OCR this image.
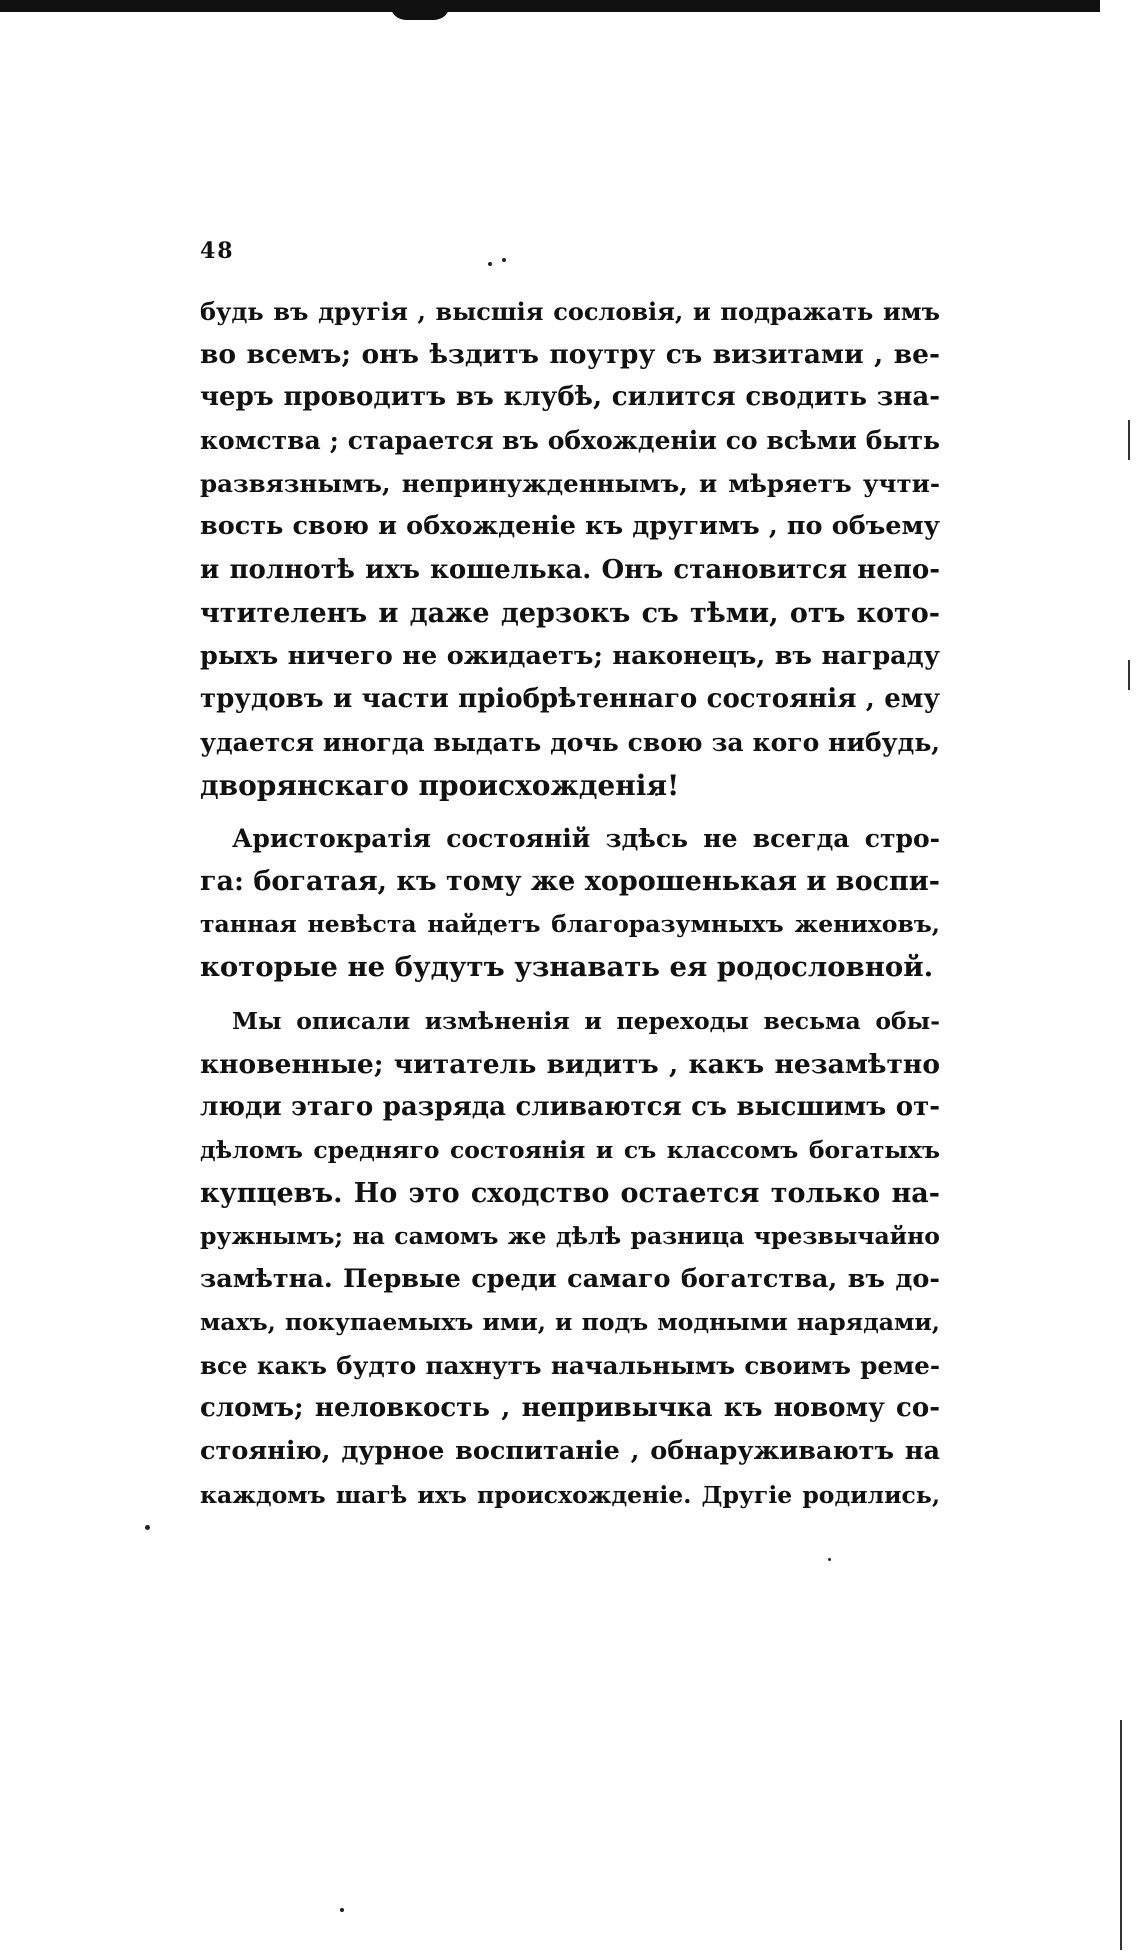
48
будь въ другія , высшія сословія, и подражать имъ
во всемъ; онъ ѣздитъ поутру съ визитами , ве-
черъ проводитъ въ клубѣ, силится сводить зна-
комства ; старается въ обхожденіи со всѣми быть
развязнымъ, непринужденнымъ, и мѣряетъ учти-
вость свою и обхожденіе къ другимъ , по объему
и полнотѣ ихъ кошелька. Онъ становится непо-
чтителенъ и даже дерзокъ съ тѣми, отъ кото-
рыхъ ничего не ожидаетъ; наконецъ, въ награду
трудовъ и части пріобрѣтеннаго состоянія , ему
удается иногда выдать дочь свою за кого нибудь,
дворянскаго происхожденія!
Аристократія состояній здѣсь не всегда стро-
га: богатая, къ тому же хорошенькая и воспи-
танная невѣста найдетъ благоразумныхъ жениховъ,
которые не будутъ узнавать ея родословной.
Мы описали измѣненія и переходы весьма обы-
кновенные; читатель видитъ , какъ незамѣтно
люди этаго разряда сливаются съ высшимъ от-
дѣломъ средняго состоянія и съ классомъ богатыхъ
купцевъ. Но это сходство остается только на-
ружнымъ; на самомъ же дѣлѣ разница чрезвычайно
замѣтна. Первые среди самаго богатства, въ до-
махъ, покупаемыхъ ими, и подъ модными нарядами,
все какъ будто пахнутъ начальнымъ своимъ реме-
сломъ; неловкость , непривычка къ новому со-
стоянію, дурное воспитаніе , обнаруживаютъ на
каждомъ шагѣ ихъ происхожденіе. Другіе родились,
